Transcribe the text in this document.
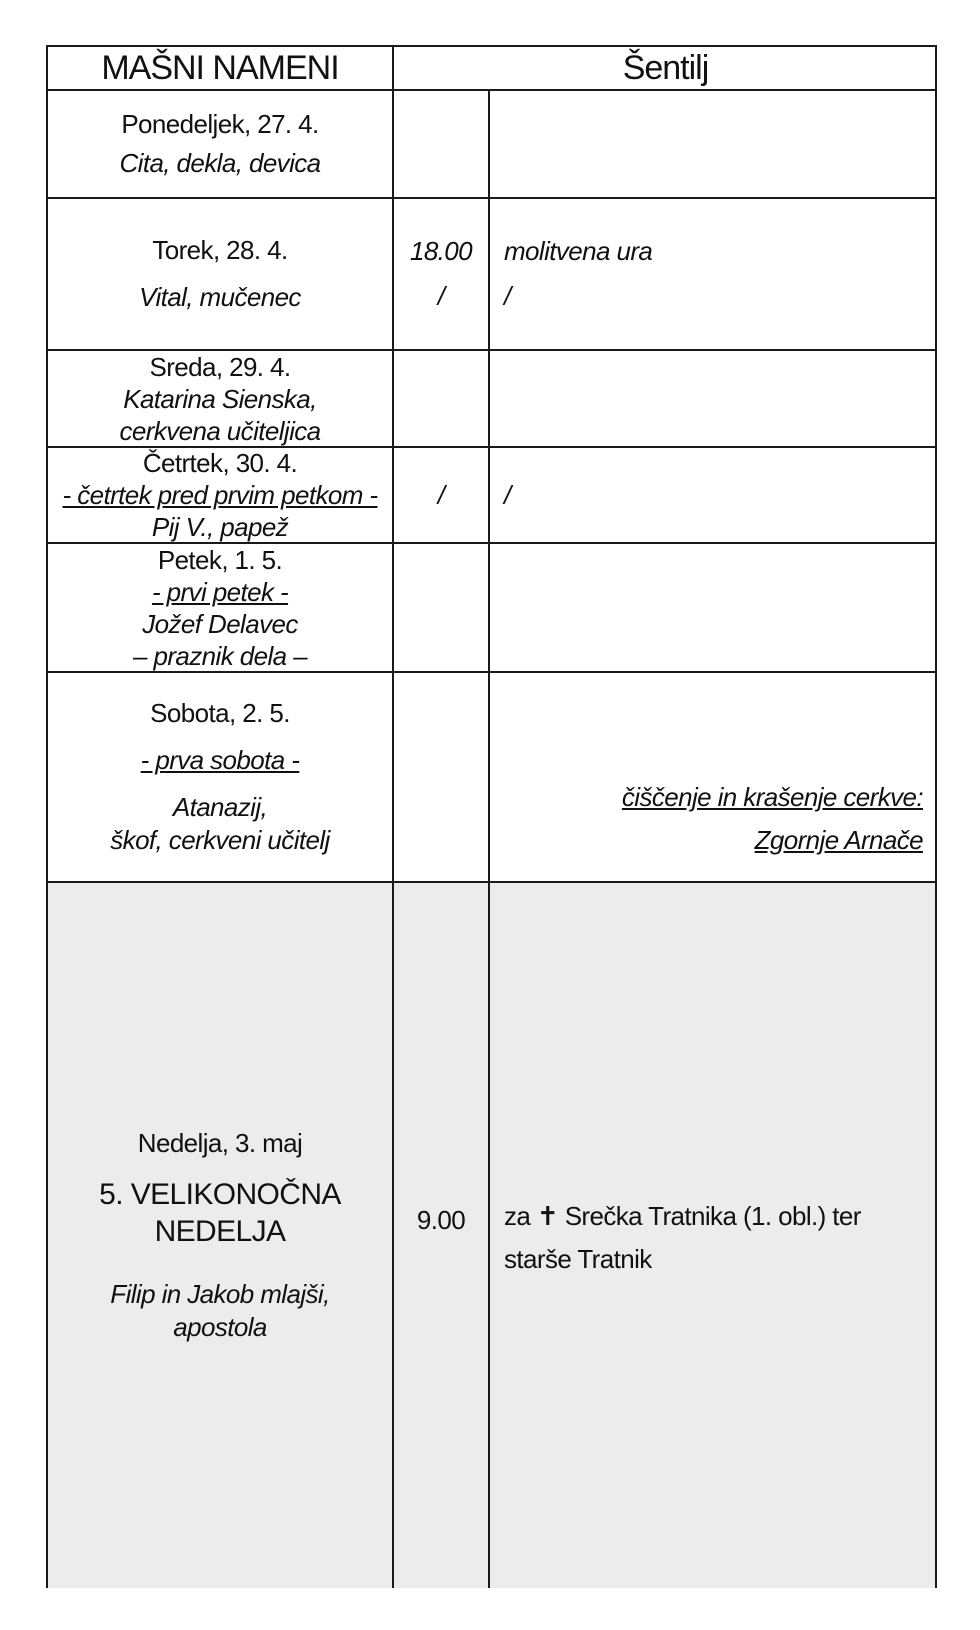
MAŠNI NAMENI	Šentilj
Ponedeljek, 27. 4.
Cita, dekla, devica
Torek, 28. 4.
Vital, mučenec
18.00
/
molitvena ura
/
Sreda, 29. 4.
Katarina Sienska,
cerkvena učiteljica
Četrtek, 30. 4.
- četrtek pred prvim petkom -
Pij V., papež
/ /
Petek, 1. 5.
- prvi petek -
Jožef Delavec
– praznik dela –
Sobota, 2. 5.
- prva sobota -
Atanazij,
škof, cerkveni učitelj
čiščenje in krašenje cerkve:
Zgornje Arnače
Nedelja, 3. maj
5. VELIKONOČNA
NEDELJA
Filip in Jakob mlajši,
apostola
9.00 za ✝ Srečka Tratnika (1. obl.) ter
starše Tratnik
